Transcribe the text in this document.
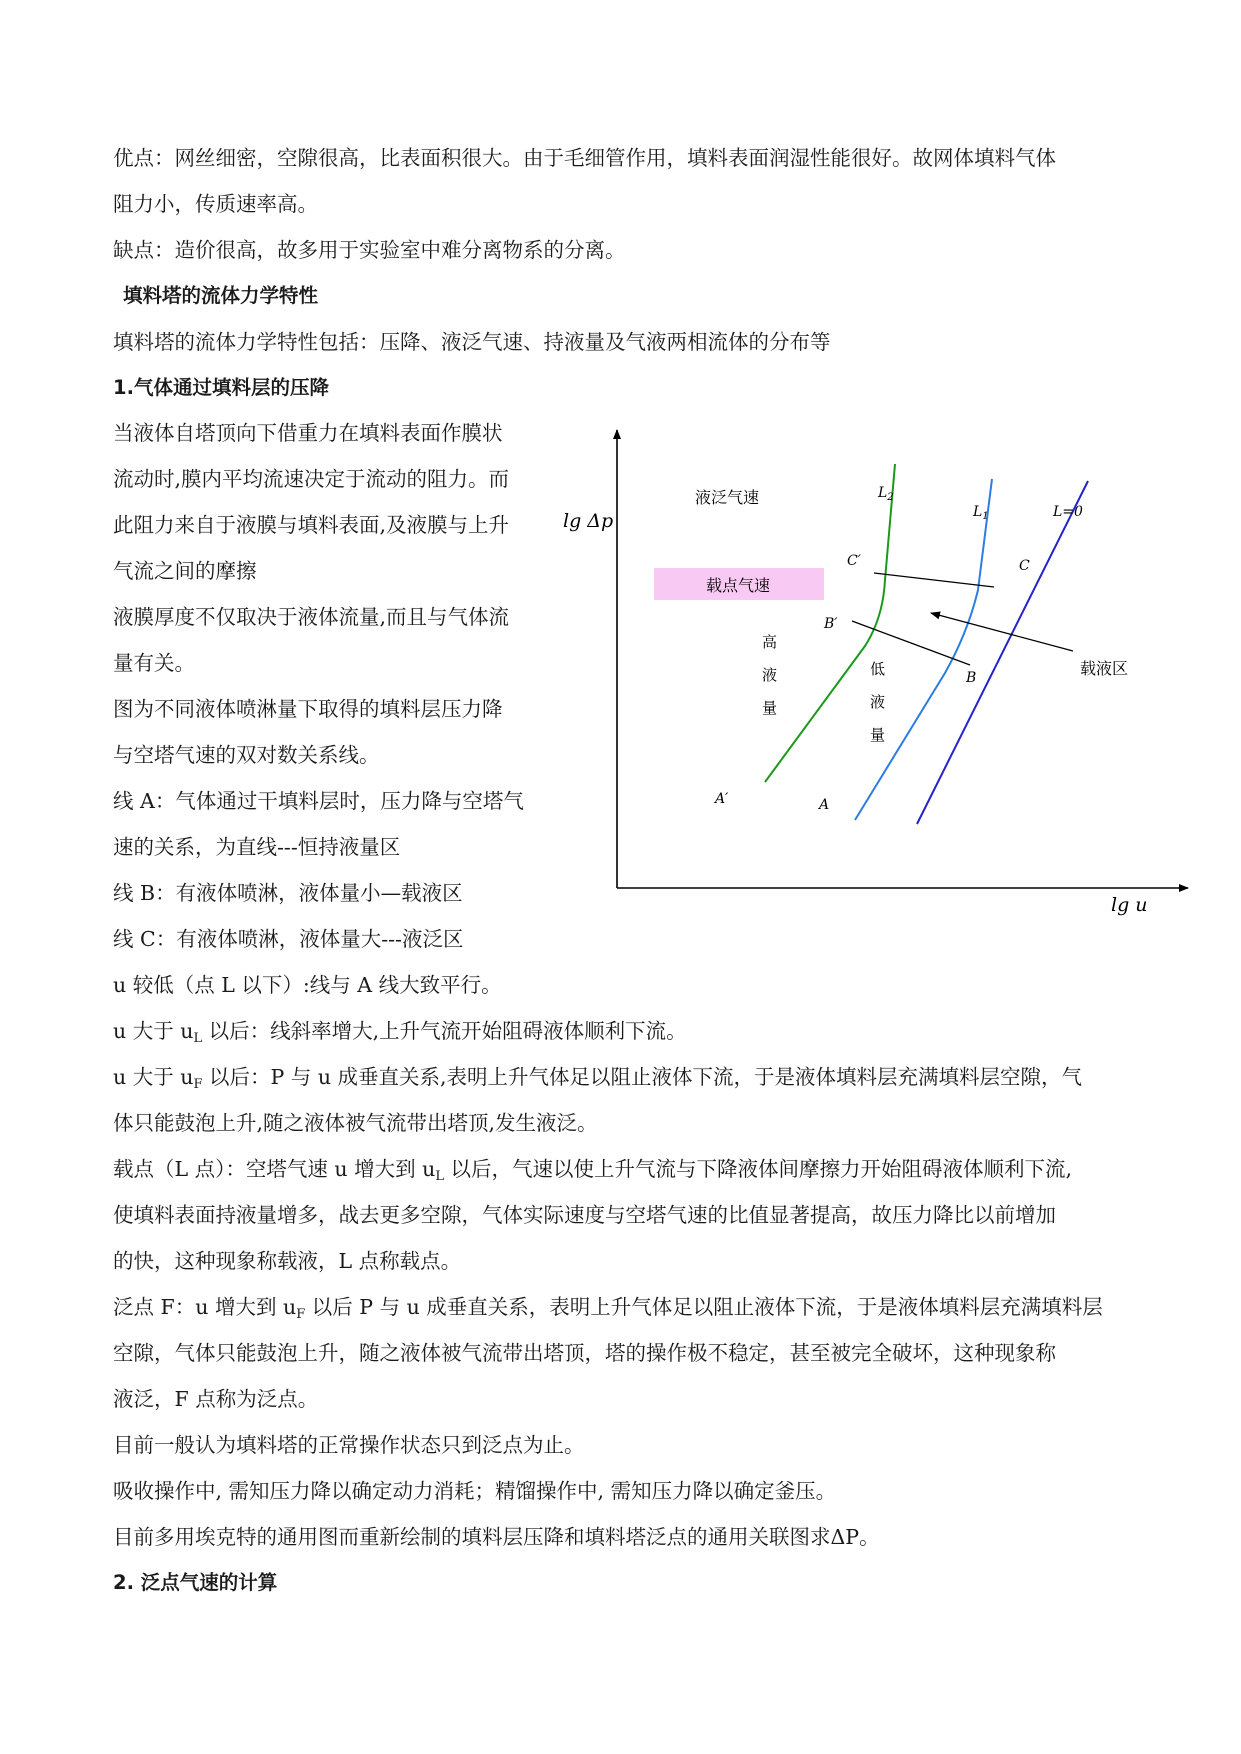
优点：网丝细密，空隙很高，比表面积很大。由于毛细管作用，填料表面润湿性能很好。故网体填料气体
阻力小，传质速率高。
缺点：造价很高，故多用于实验室中难分离物系的分离。
填料塔的流体力学特性
填料塔的流体力学特性包括：压降、液泛气速、持液量及气液两相流体的分布等
1.气体通过填料层的压降
当液体自塔顶向下借重力在填料表面作膜状
流动时,膜内平均流速决定于流动的阻力。而
此阻力来自于液膜与填料表面,及液膜与上升
气流之间的摩擦
液膜厚度不仅取决于液体流量,而且与气体流
量有关。
图为不同液体喷淋量下取得的填料层压力降
与空塔气速的双对数关系线。
线 A：气体通过干填料层时，压力降与空塔气
速的关系，为直线---恒持液量区
线 B：有液体喷淋，液体量小—载液区
线 C：有液体喷淋，液体量大---液泛区
lg Δp
lg u
载点气速
液泛气速
高
液
量
低
液
量
载液区
$L_2$
$L_1$	L=0
C′	C
B′
B
A′	A
u 较低（点 L 以下）:线与 A 线大致平行。
u 大于 $u_L$ 以后：线斜率增大,上升气流开始阻碍液体顺利下流。
u 大于 $u_F$ 以后：P 与 u 成垂直关系,表明上升气体足以阻止液体下流，于是液体填料层充满填料层空隙，气
体只能鼓泡上升,随之液体被气流带出塔顶,发生液泛。
载点（L 点）：空塔气速 u 增大到 $u_L$ 以后，气速以使上升气流与下降液体间摩擦力开始阻碍液体顺利下流,
使填料表面持液量增多，战去更多空隙，气体实际速度与空塔气速的比值显著提高，故压力降比以前增加
的快，这种现象称载液，L 点称载点。
泛点 F：u 增大到 $u_F$ 以后 P 与 u 成垂直关系，表明上升气体足以阻止液体下流，于是液体填料层充满填料层
空隙，气体只能鼓泡上升，随之液体被气流带出塔顶，塔的操作极不稳定，甚至被完全破坏，这种现象称
液泛，F 点称为泛点。
目前一般认为填料塔的正常操作状态只到泛点为止。
吸收操作中, 需知压力降以确定动力消耗；精馏操作中, 需知压力降以确定釜压。
目前多用埃克特的通用图而重新绘制的填料层压降和填料塔泛点的通用关联图求ΔP。
2. 泛点气速的计算
